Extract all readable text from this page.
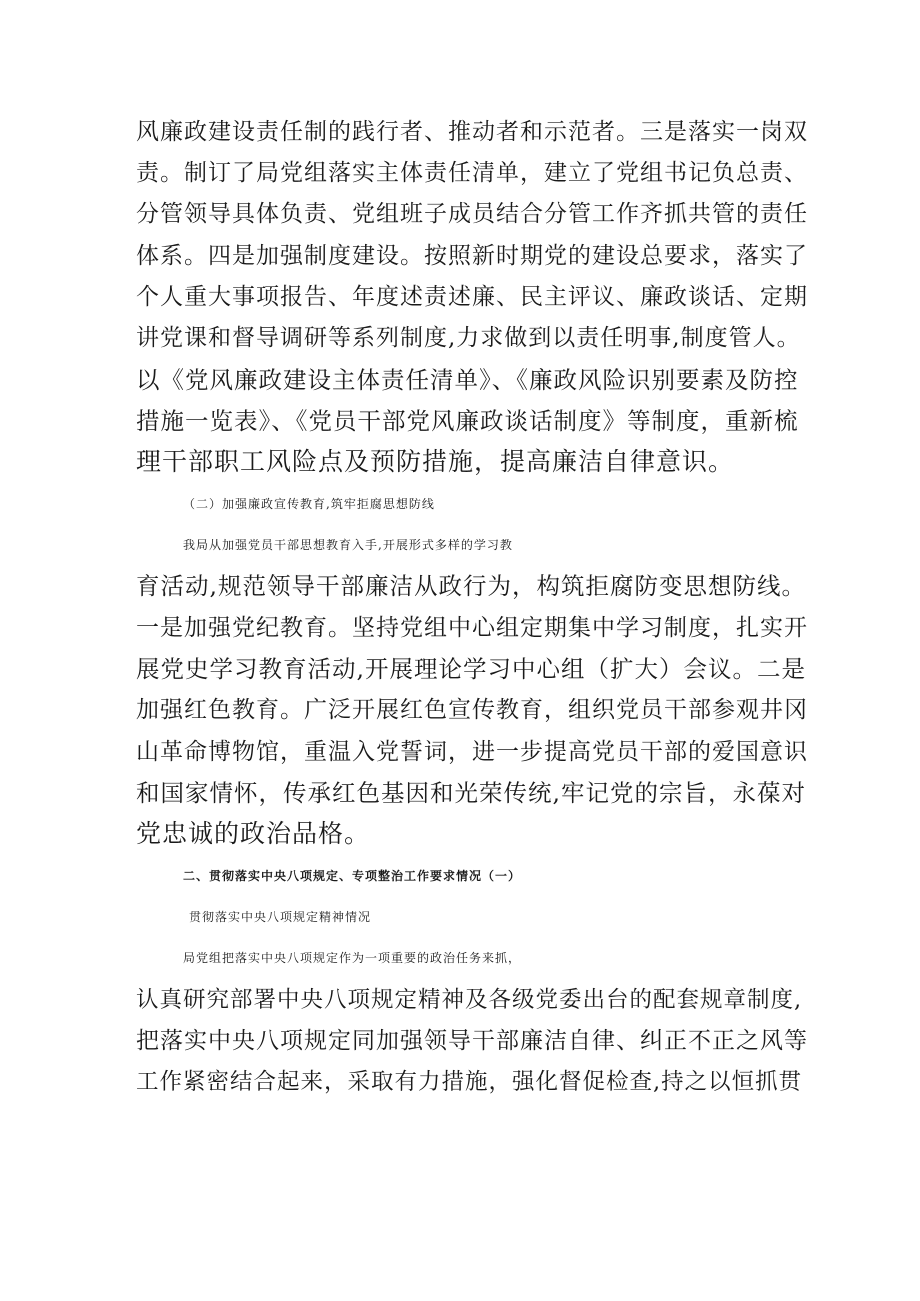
风廉政建设责任制的践行者、推动者和示范者。三是落实一岗双
责。制订了局党组落实主体责任清单，建立了党组书记负总责、
分管领导具体负责、党组班子成员结合分管工作齐抓共管的责任
体系。四是加强制度建设。按照新时期党的建设总要求，落实了
个人重大事项报告、年度述责述廉、民主评议、廉政谈话、定期
讲党课和督导调研等系列制度,力求做到以责任明事,制度管人。
以《党风廉政建设主体责任清单》、《廉政风险识别要素及防控
措施一览表》、《党员干部党风廉政谈话制度》等制度，重新梳
理干部职工风险点及预防措施，提高廉洁自律意识。
（二）加强廉政宣传教育,筑牢拒腐思想防线
我局从加强党员干部思想教育入手,开展形式多样的学习教
育活动,规范领导干部廉洁从政行为，构筑拒腐防变思想防线。
一是加强党纪教育。坚持党组中心组定期集中学习制度，扎实开
展党史学习教育活动,开展理论学习中心组（扩大）会议。二是
加强红色教育。广泛开展红色宣传教育，组织党员干部参观井冈
山革命博物馆，重温入党誓词，进一步提高党员干部的爱国意识
和国家情怀，传承红色基因和光荣传统,牢记党的宗旨，永葆对
党忠诚的政治品格。
二、贯彻落实中央八项规定、专项整治工作要求情况（一）
贯彻落实中央八项规定精神情况
局党组把落实中央八项规定作为一项重要的政治任务来抓，
认真研究部署中央八项规定精神及各级党委出台的配套规章制度,
把落实中央八项规定同加强领导干部廉洁自律、纠正不正之风等
工作紧密结合起来，采取有力措施，强化督促检查,持之以恒抓贯
